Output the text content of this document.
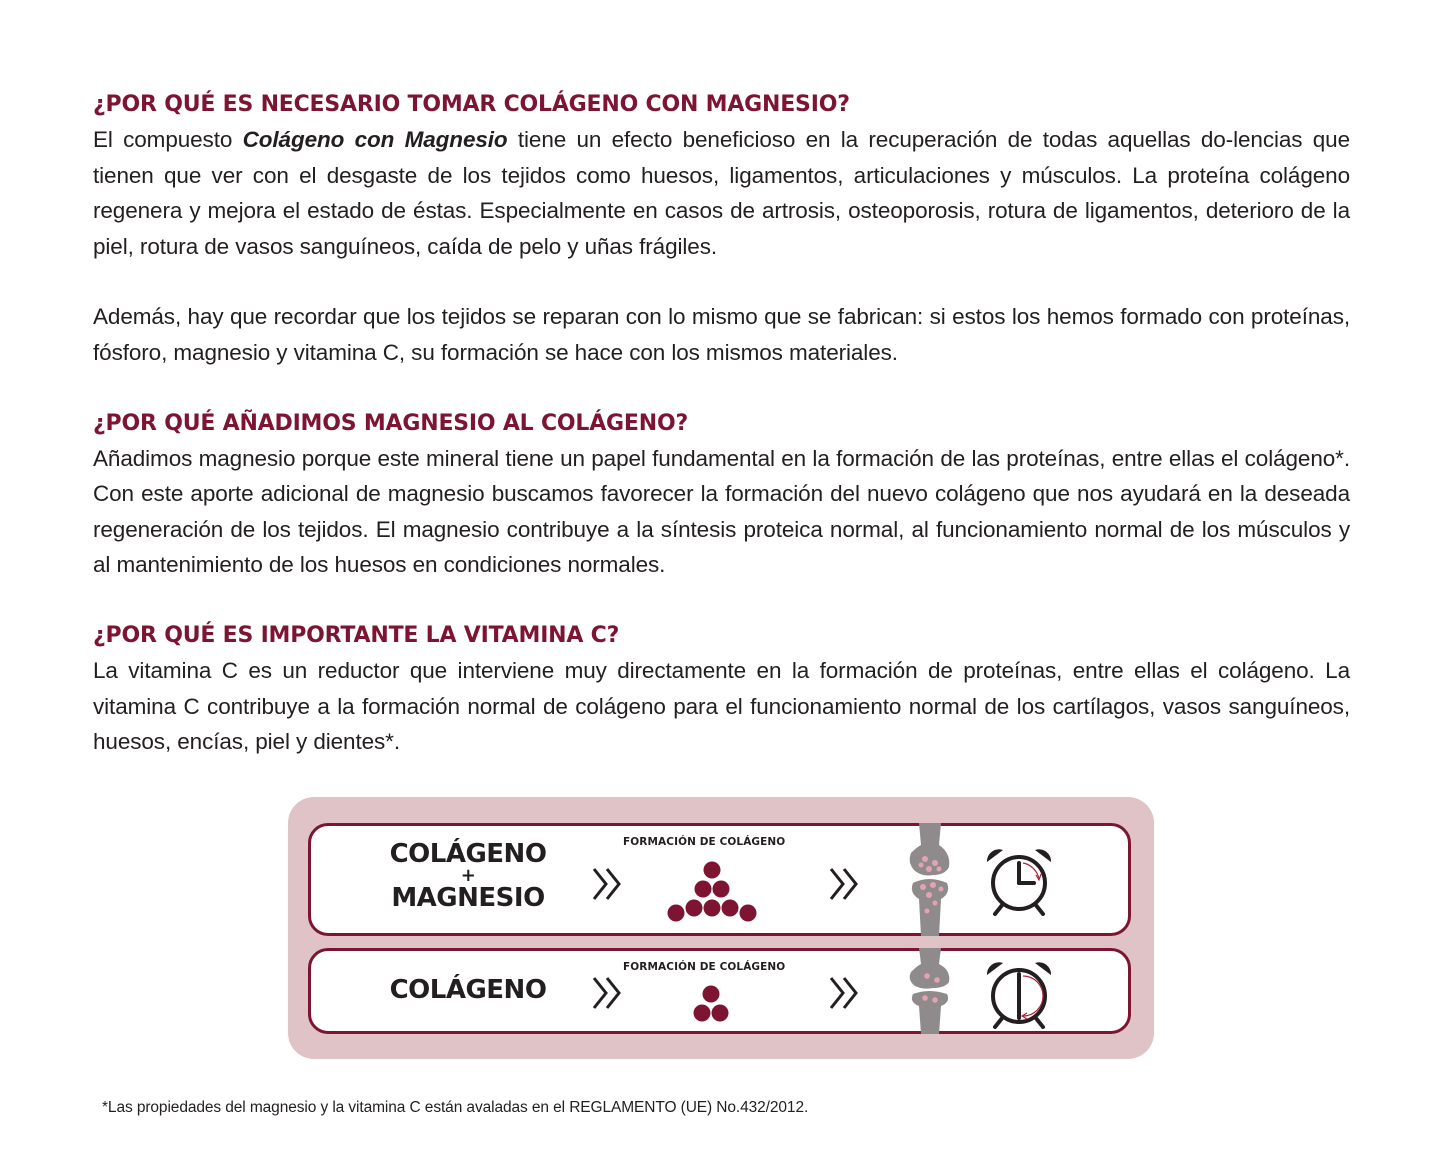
¿POR QUÉ ES NECESARIO TOMAR COLÁGENO CON MAGNESIO?

El compuesto Colágeno con Magnesio tiene un efecto beneficioso en la recuperación de todas aquellas do-lencias que tienen que ver con el desgaste de los tejidos como huesos, ligamentos, articulaciones y músculos. La proteína colágeno regenera y mejora el estado de éstas. Especialmente en casos de artrosis, osteoporosis, rotura de ligamentos, deterioro de la piel, rotura de vasos sanguíneos, caída de pelo y uñas frágiles.

Además, hay que recordar que los tejidos se reparan con lo mismo que se fabrican: si estos los hemos formado con proteínas, fósforo, magnesio y vitamina C, su formación se hace con los mismos materiales.

¿POR QUÉ AÑADIMOS MAGNESIO AL COLÁGENO?

Añadimos magnesio porque este mineral tiene un papel fundamental en la formación de las proteínas, entre ellas el colágeno*. Con este aporte adicional de magnesio buscamos favorecer la formación del nuevo colágeno que nos ayudará en la deseada regeneración de los tejidos. El magnesio contribuye a la síntesis proteica normal, al funcionamiento normal de los músculos y al mantenimiento de los huesos en condiciones normales.

¿POR QUÉ ES IMPORTANTE LA VITAMINA C?

La vitamina C es un reductor que interviene muy directamente en la formación de proteínas, entre ellas el colágeno. La vitamina C contribuye a la formación normal de colágeno para el funcionamiento normal de los cartílagos, vasos sanguíneos, huesos, encías, piel y dientes*.

COLÁGENO
+
MAGNESIO
FORMACIÓN DE COLÁGENO
COLÁGENO
FORMACIÓN DE COLÁGENO
*Las propiedades del magnesio y la vitamina C están avaladas en el REGLAMENTO (UE) No.432/2012.
